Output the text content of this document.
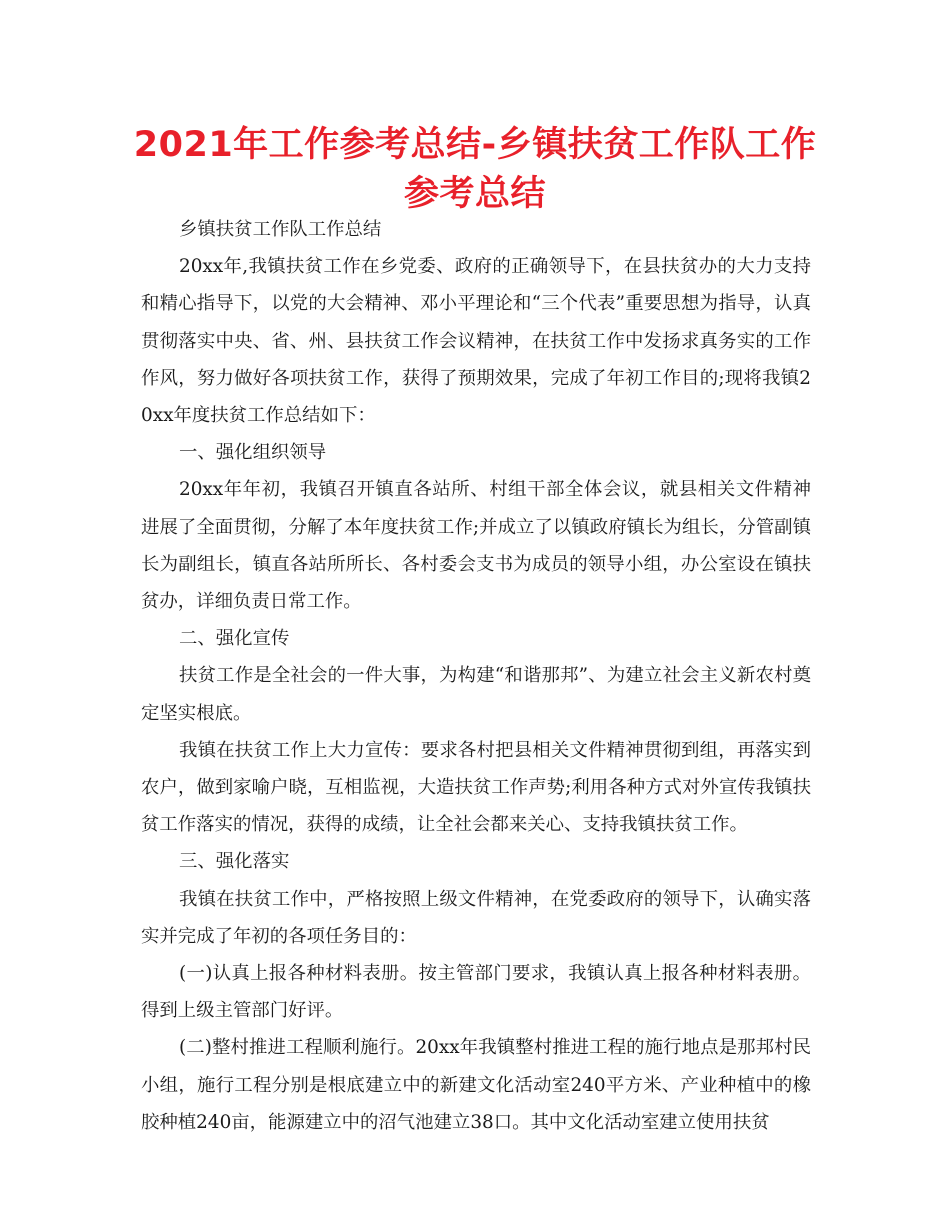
2021年工作参考总结-乡镇扶贫工作队工作参考总结

乡镇扶贫工作队工作总结

20xx年,我镇扶贫工作在乡党委、政府的正确领导下，在县扶贫办的大力支持和精心指导下，以党的大会精神、邓小平理论和“三个代表”重要思想为指导，认真贯彻落实中央、省、州、县扶贫工作会议精神，在扶贫工作中发扬求真务实的工作作风，努力做好各项扶贫工作，获得了预期效果，完成了年初工作目的;现将我镇20xx年度扶贫工作总结如下：

一、强化组织领导

20xx年年初，我镇召开镇直各站所、村组干部全体会议，就县相关文件精神进展了全面贯彻，分解了本年度扶贫工作;并成立了以镇政府镇长为组长，分管副镇长为副组长，镇直各站所所长、各村委会支书为成员的领导小组，办公室设在镇扶贫办，详细负责日常工作。

二、强化宣传

扶贫工作是全社会的一件大事，为构建“和谐那邦”、为建立社会主义新农村奠定坚实根底。

我镇在扶贫工作上大力宣传：要求各村把县相关文件精神贯彻到组，再落实到农户，做到家喻户晓，互相监视，大造扶贫工作声势;利用各种方式对外宣传我镇扶贫工作落实的情况，获得的成绩，让全社会都来关心、支持我镇扶贫工作。

三、强化落实

我镇在扶贫工作中，严格按照上级文件精神，在党委政府的领导下，认确实落实并完成了年初的各项任务目的：

(一)认真上报各种材料表册。按主管部门要求，我镇认真上报各种材料表册。得到上级主管部门好评。

(二)整村推进工程顺利施行。20xx年我镇整村推进工程的施行地点是那邦村民小组，施行工程分别是根底建立中的新建文化活动室240平方米、产业种植中的橡胶种植240亩，能源建立中的沼气池建立38口。其中文化活动室建立使用扶贫
